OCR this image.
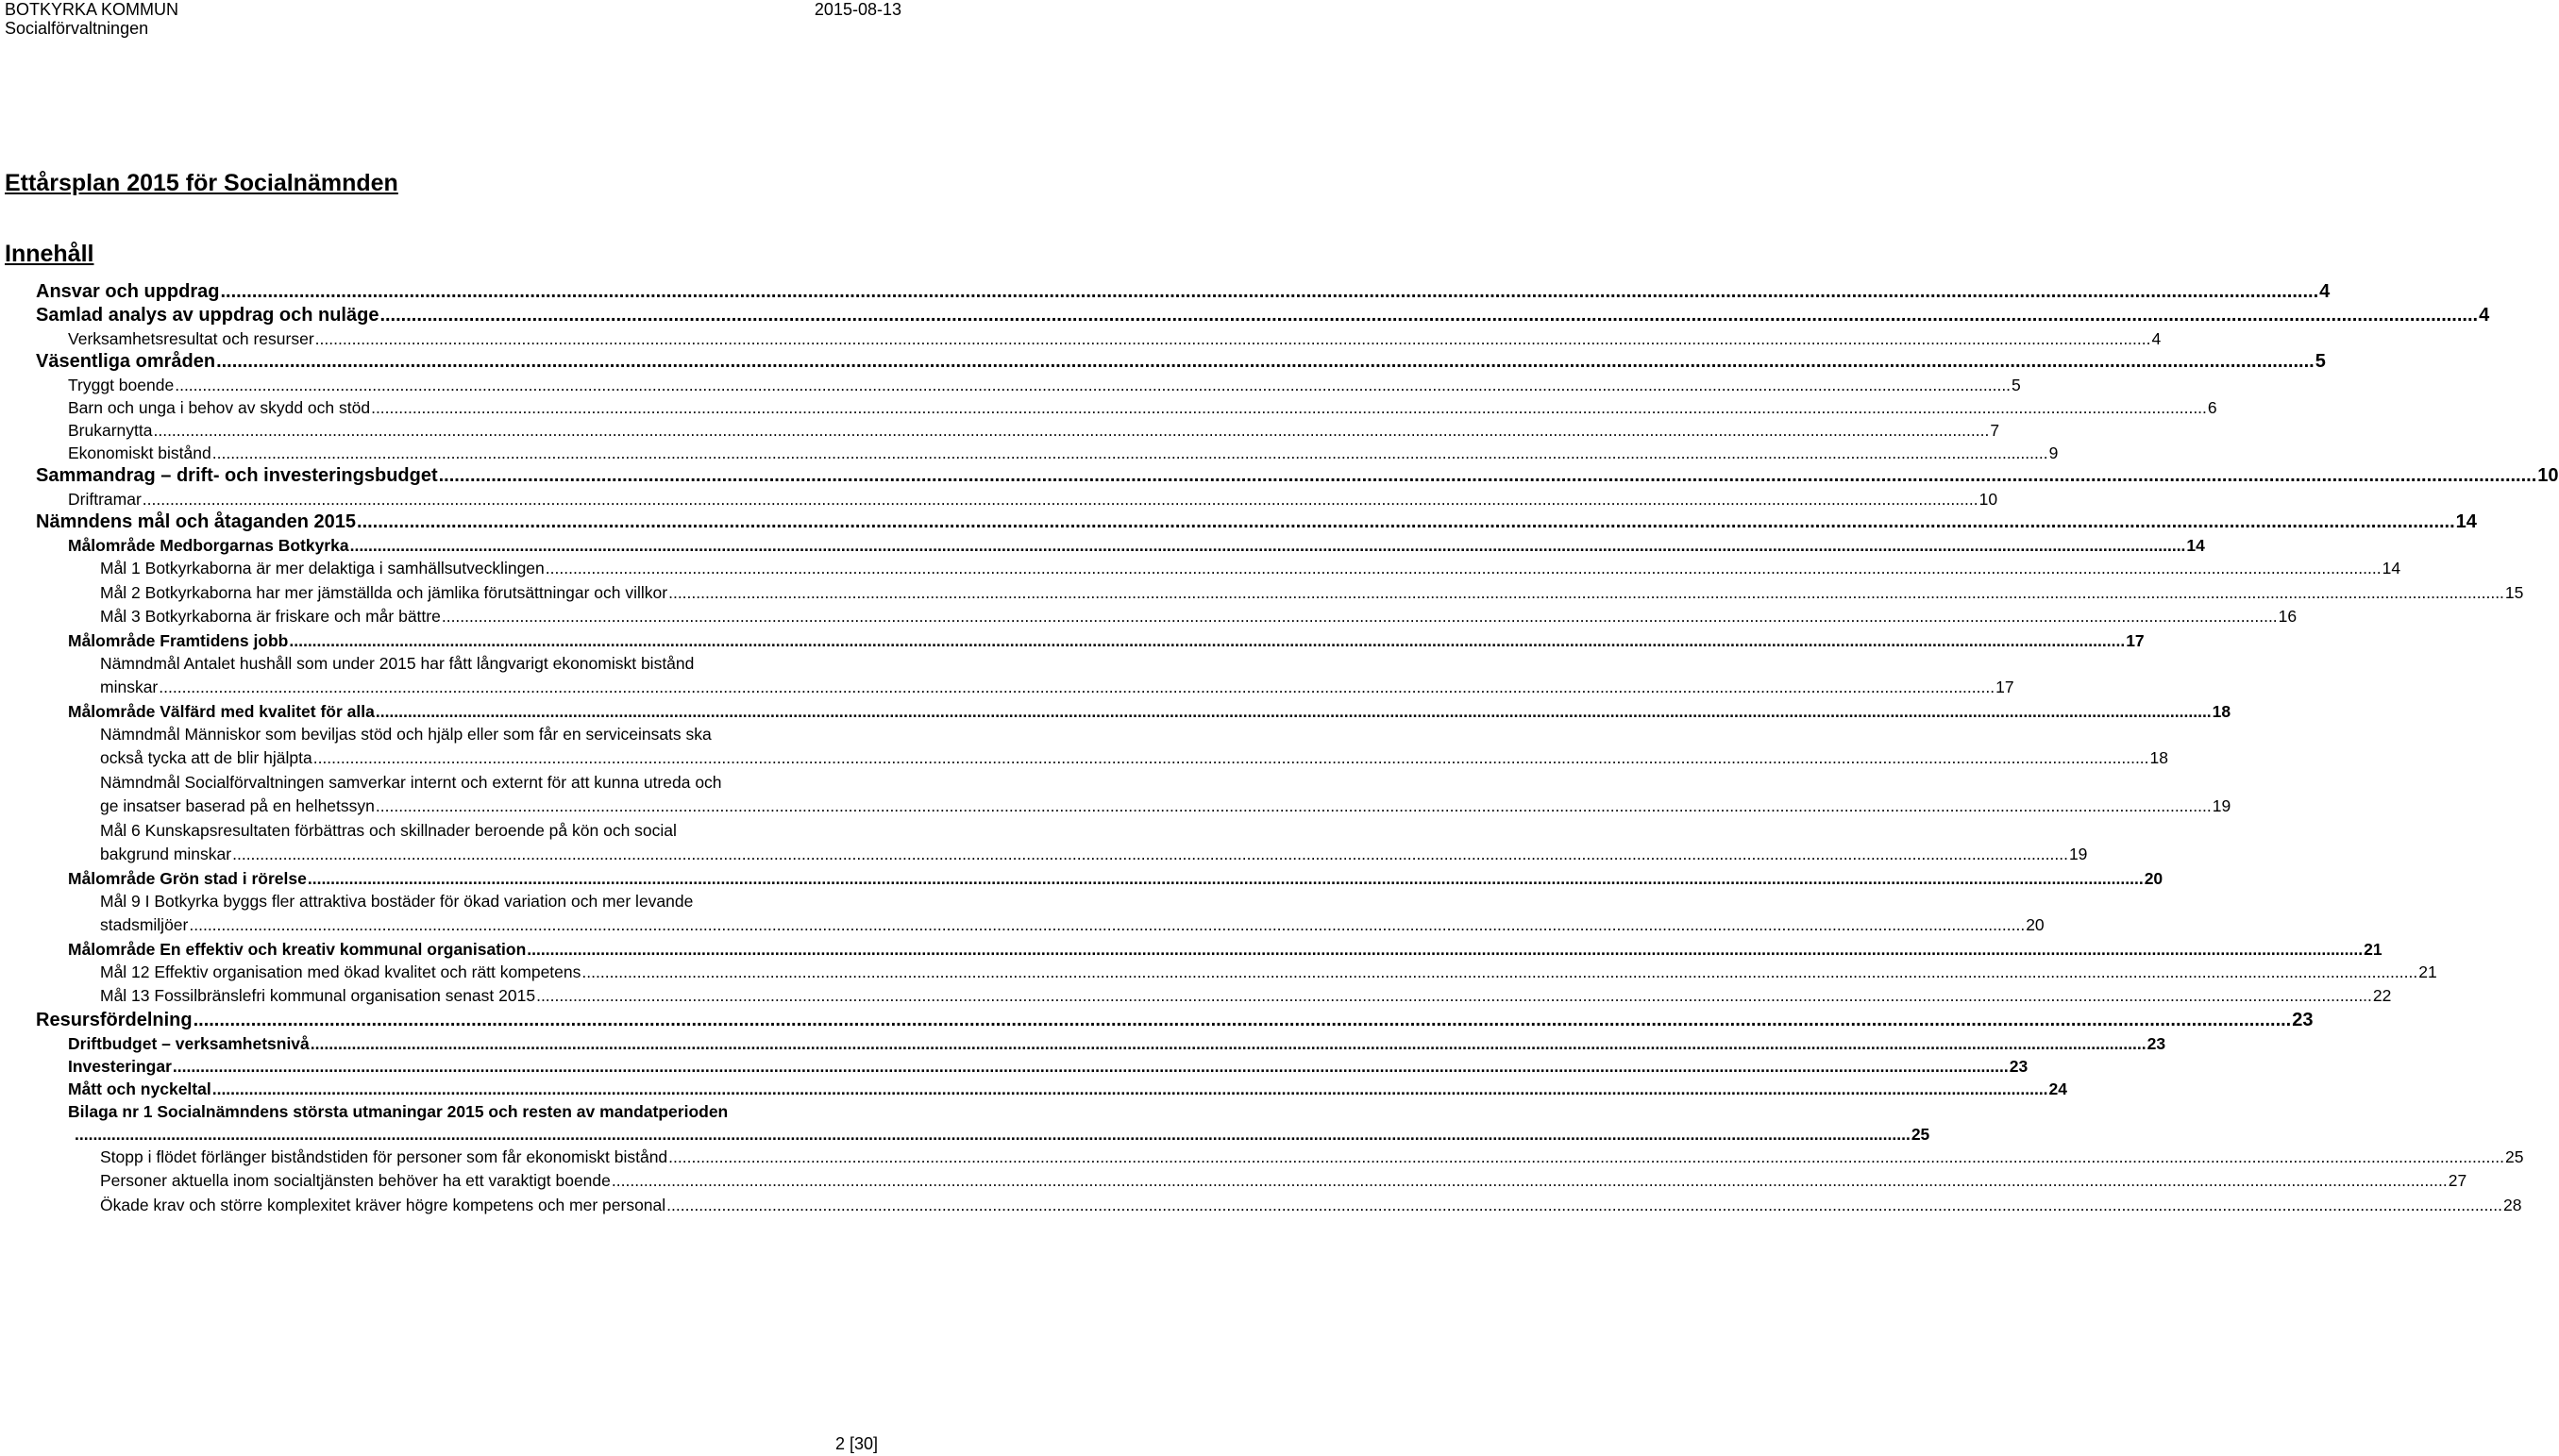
BOTKYRKA KOMMUN
Socialförvaltningen
2015-08-13
Ettårsplan 2015 för Socialnämnden
Innehåll
Ansvar och uppdrag ................................................................................................................................................................................................................................................................................................................................................................................................................ 4
Samlad analys av uppdrag och nuläge ................................................................................................................................................................................................................................................................................................................................................................................................................ 4
Verksamhetsresultat och resurser ................................................................................................................................................................................................................................................................................................................................................................................................................ 4
Väsentliga områden ................................................................................................................................................................................................................................................................................................................................................................................................................ 5
Tryggt boende ................................................................................................................................................................................................................................................................................................................................................................................................................ 5
Barn och unga i behov av skydd och stöd ................................................................................................................................................................................................................................................................................................................................................................................................................ 6
Brukarnytta ................................................................................................................................................................................................................................................................................................................................................................................................................ 7
Ekonomiskt bistånd ................................................................................................................................................................................................................................................................................................................................................................................................................ 9
Sammandrag – drift- och investeringsbudget ................................................................................................................................................................................................................................................................................................................................................................................................................ 10
Driftramar ................................................................................................................................................................................................................................................................................................................................................................................................................ 10
Nämndens mål och åtaganden 2015 ................................................................................................................................................................................................................................................................................................................................................................................................................ 14
Målområde Medborgarnas Botkyrka ................................................................................................................................................................................................................................................................................................................................................................................................................ 14
Mål 1 Botkyrkaborna är mer delaktiga i samhällsutvecklingen ................................................................................................................................................................................................................................................................................................................................................................................................................ 14
Mål 2 Botkyrkaborna har mer jämställda och jämlika förutsättningar och villkor ................................................................................................................................................................................................................................................................................................................................................................................................................ 15
Mål 3 Botkyrkaborna är friskare och mår bättre ................................................................................................................................................................................................................................................................................................................................................................................................................ 16
Målområde Framtidens jobb ................................................................................................................................................................................................................................................................................................................................................................................................................ 17
Nämndmål Antalet hushåll som under 2015 har fått långvarigt ekonomiskt bistånd
minskar ................................................................................................................................................................................................................................................................................................................................................................................................................ 17
Målområde Välfärd med kvalitet för alla ................................................................................................................................................................................................................................................................................................................................................................................................................ 18
Nämndmål Människor som beviljas stöd och hjälp eller som får en serviceinsats ska
också tycka att de blir hjälpta ................................................................................................................................................................................................................................................................................................................................................................................................................ 18
Nämndmål Socialförvaltningen samverkar internt och externt för att kunna utreda och
ge insatser baserad på en helhetssyn ................................................................................................................................................................................................................................................................................................................................................................................................................ 19
Mål 6 Kunskapsresultaten förbättras och skillnader beroende på kön och social
bakgrund minskar ................................................................................................................................................................................................................................................................................................................................................................................................................ 19
Målområde Grön stad i rörelse ................................................................................................................................................................................................................................................................................................................................................................................................................ 20
Mål 9 I Botkyrka byggs fler attraktiva bostäder för ökad variation och mer levande
stadsmiljöer ................................................................................................................................................................................................................................................................................................................................................................................................................ 20
Målområde En effektiv och kreativ kommunal organisation ................................................................................................................................................................................................................................................................................................................................................................................................................ 21
Mål 12 Effektiv organisation med ökad kvalitet och rätt kompetens ................................................................................................................................................................................................................................................................................................................................................................................................................ 21
Mål 13 Fossilbränslefri kommunal organisation senast 2015 ................................................................................................................................................................................................................................................................................................................................................................................................................ 22
Resursfördelning ................................................................................................................................................................................................................................................................................................................................................................................................................ 23
Driftbudget – verksamhetsnivå ................................................................................................................................................................................................................................................................................................................................................................................................................ 23
Investeringar ................................................................................................................................................................................................................................................................................................................................................................................................................ 23
Mått och nyckeltal ................................................................................................................................................................................................................................................................................................................................................................................................................ 24
Bilaga nr 1 Socialnämndens största utmaningar 2015 och resten av mandatperioden
................................................................................................................................................................................................................................................................................................................................................................................................................ 25
Stopp i flödet förlänger biståndstiden för personer som får ekonomiskt bistånd ................................................................................................................................................................................................................................................................................................................................................................................................................ 25
Personer aktuella inom socialtjänsten behöver ha ett varaktigt boende ................................................................................................................................................................................................................................................................................................................................................................................................................ 27
Ökade krav och större komplexitet kräver högre kompetens och mer personal ................................................................................................................................................................................................................................................................................................................................................................................................................ 28
2 [30]
